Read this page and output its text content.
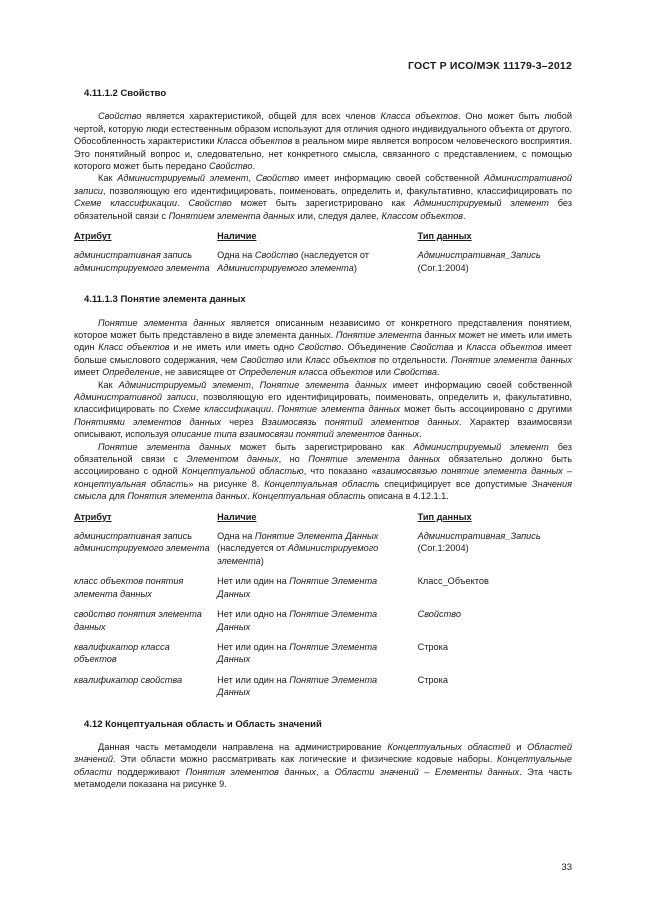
ГОСТ Р ИСО/МЭК 11179-3–2012
4.11.1.2 Свойство

Свойство является характеристикой, общей для всех членов Класса объектов. Оно может быть любой чертой, которую люди естественным образом используют для отличия одного индивидуального объекта от другого. Обособленность характеристики Класса объектов в реальном мире является вопросом человеческого восприятия. Это понятийный вопрос и, следовательно, нет конкретного смысла, связанного с представлением, с помощью которого может быть передано Свойство.

Как Администрируемый элемент, Свойство имеет информацию своей собственной Административной записи, позволяющую его идентифицировать, поименовать, определить и, факультативно, классифицировать по Схеме классификации. Свойство может быть зарегистрировано как Администрируемый элемент без обязательной связи с Понятием элемента данных или, следуя далее, Классом объектов.

Атрибут	Наличие	Тип данных
административная запись администрируемого элемента	Одна на Свойство (наследуется от Администрируемого элемента)	Административная_Запись (Cor.1:2004)
4.11.1.3 Понятие элемента данных

Понятие элемента данных является описанным независимо от конкретного представления понятием, которое может быть представлено в виде элемента данных. Понятие элемента данных может не иметь или иметь один Класс объектов и не иметь или иметь одно Свойство. Объединение Свойства и Класса объектов имеет больше смыслового содержания, чем Свойство или Класс объектов по отдельности. Понятие элемента данных имеет Определение, не зависящее от Определения класса объектов или Свойства.

Как Администрируемый элемент, Понятие элемента данных имеет информацию своей собственной Административной записи, позволяющую его идентифицировать, поименовать, определить и, факультативно, классифицировать по Схеме классификации. Понятие элемента данных может быть ассоциировано с другими Понятиями элементов данных через Взаимосвязь понятий элементов данных. Характер взаимосвязи описывают, используя описание типа взаимосвязи понятий элементов данных.

Понятие элемента данных может быть зарегистрировано как Администрируемый элемент без обязательной связи с Элементом данных, но Понятие элемента данных обязательно должно быть ассоциировано с одной Концептуальной областью, что показано «взаимосвязью понятие элемента данных – концептуальная область» на рисунке 8. Концептуальная область специфицирует все допустимые Значения смысла для Понятия элемента данных. Концептуальная область описана в 4.12.1.1.

Атрибут	Наличие	Тип данных
административная запись администрируемого элемента	Одна на Понятие Элемента Данных (наследуется от Администрируемого элемента)	Административная_Запись (Cor.1:2004)
класс объектов понятия элемента данных	Нет или один на Понятие Элемента Данных	Класс_Объектов
свойство понятия элемента данных	Нет или одно на Понятие Элемента Данных	Свойство
квалификатор класса объектов	Нет или один на Понятие Элемента Данных	Строка
квалификатор свойства	Нет или один на Понятие Элемента Данных	Строка
4.12 Концептуальная область и Область значений

Данная часть метамодели направлена на администрирование Концептуальных областей и Областей значений. Эти области можно рассматривать как логические и физические кодовые наборы. Концептуальные области поддерживают Понятия элементов данных, а Области значений – Елементы данных. Эта часть метамодели показана на рисунке 9.

33
